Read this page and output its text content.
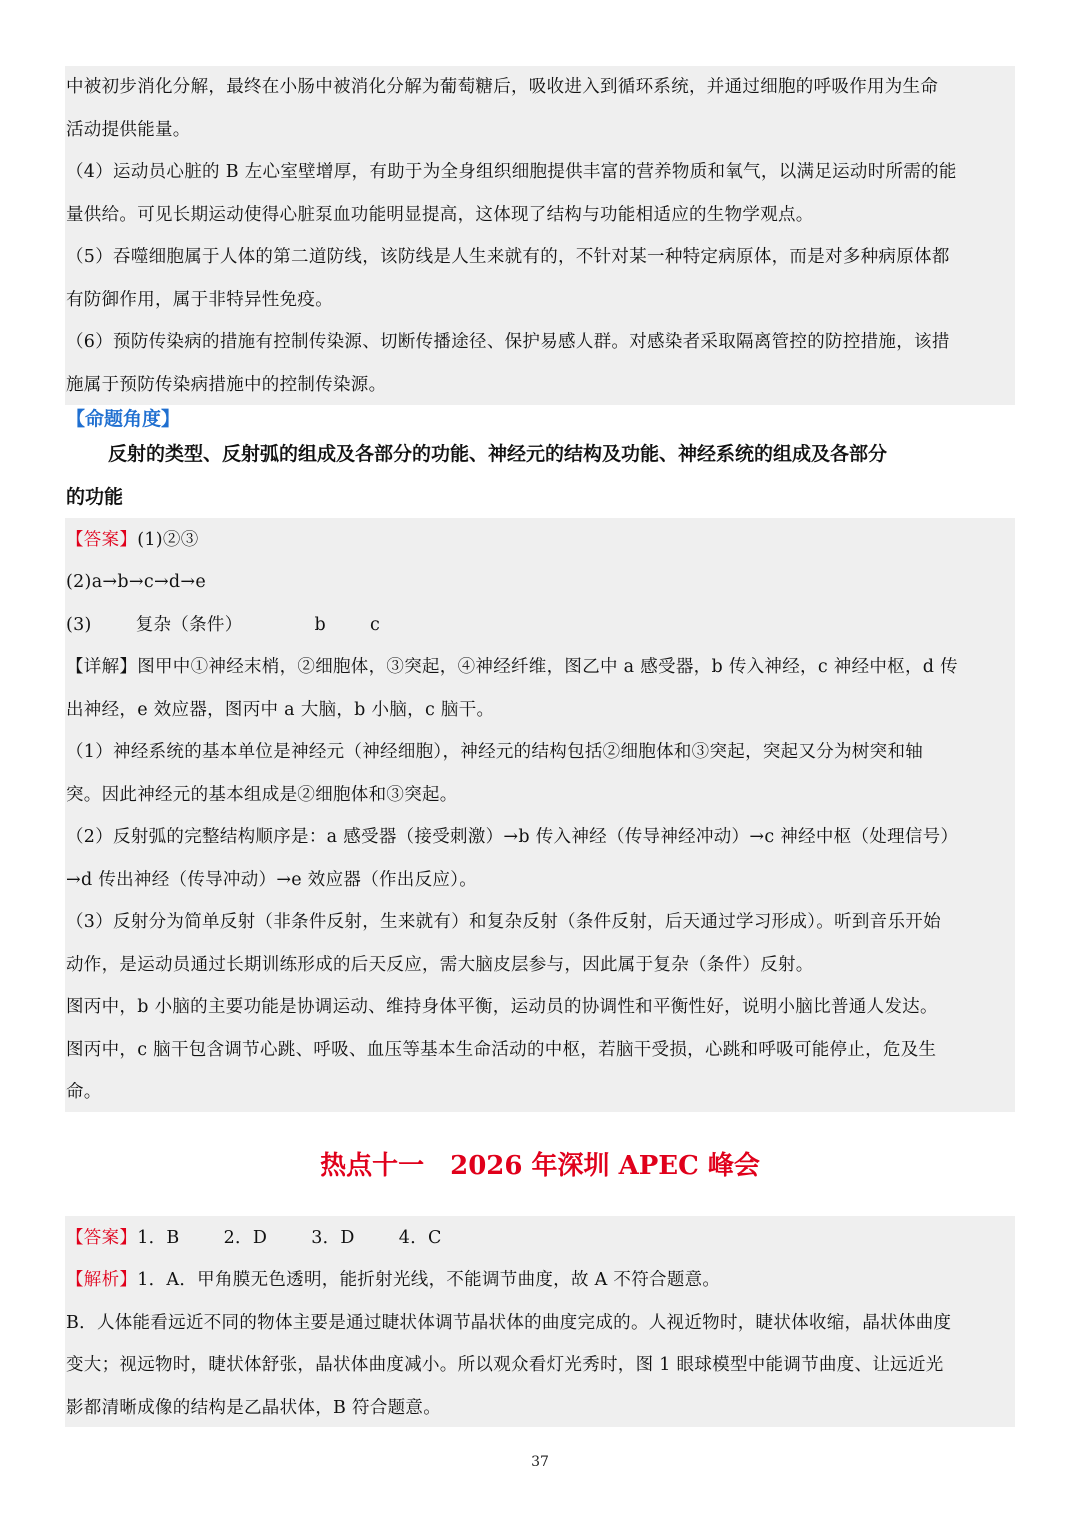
中被初步消化分解，最终在小肠中被消化分解为葡萄糖后，吸收进入到循环系统，并通过细胞的呼吸作用为生命
活动提供能量。
（4）运动员心脏的 B 左心室壁增厚，有助于为全身组织细胞提供丰富的营养物质和氧气，以满足运动时所需的能
量供给。可见长期运动使得心脏泵血功能明显提高，这体现了结构与功能相适应的生物学观点。
（5）吞噬细胞属于人体的第二道防线，该防线是人生来就有的，不针对某一种特定病原体，而是对多种病原体都
有防御作用，属于非特异性免疫。
（6）预防传染病的措施有控制传染源、切断传播途径、保护易感人群。对感染者采取隔离管控的防控措施，该措
施属于预防传染病措施中的控制传染源。
【命题角度】
反射的类型、反射弧的组成及各部分的功能、神经元的结构及功能、神经系统的组成及各部分
的功能
【答案】(1)②③
(2)a→b→c→d→e
(3)	复杂（条件）	b	c
【详解】图甲中①神经末梢，②细胞体，③突起，④神经纤维，图乙中 a 感受器，b 传入神经，c 神经中枢，d 传
出神经，e 效应器，图丙中 a 大脑，b 小脑，c 脑干。
（1）神经系统的基本单位是神经元（神经细胞），神经元的结构包括②细胞体和③突起，突起又分为树突和轴
突。因此神经元的基本组成是②细胞体和③突起。
（2）反射弧的完整结构顺序是：a 感受器（接受刺激）→b 传入神经（传导神经冲动）→c 神经中枢（处理信号）
→d 传出神经（传导冲动）→e 效应器（作出反应）。
（3）反射分为简单反射（非条件反射，生来就有）和复杂反射（条件反射，后天通过学习形成）。听到音乐开始
动作，是运动员通过长期训练形成的后天反应，需大脑皮层参与，因此属于复杂（条件）反射。
图丙中，b 小脑的主要功能是协调运动、维持身体平衡，运动员的协调性和平衡性好，说明小脑比普通人发达。
图丙中，c 脑干包含调节心跳、呼吸、血压等基本生命活动的中枢，若脑干受损，心跳和呼吸可能停止，危及生
命。
热点十一　2026 年深圳 APEC 峰会
【答案】1．B	2．D	3．D	4．C
【解析】1．A．甲角膜无色透明，能折射光线，不能调节曲度，故 A 不符合题意。
B．人体能看远近不同的物体主要是通过睫状体调节晶状体的曲度完成的。人视近物时，睫状体收缩，晶状体曲度
变大；视远物时，睫状体舒张，晶状体曲度减小。所以观众看灯光秀时，图 1 眼球模型中能调节曲度、让远近光
影都清晰成像的结构是乙晶状体，B 符合题意。
37
